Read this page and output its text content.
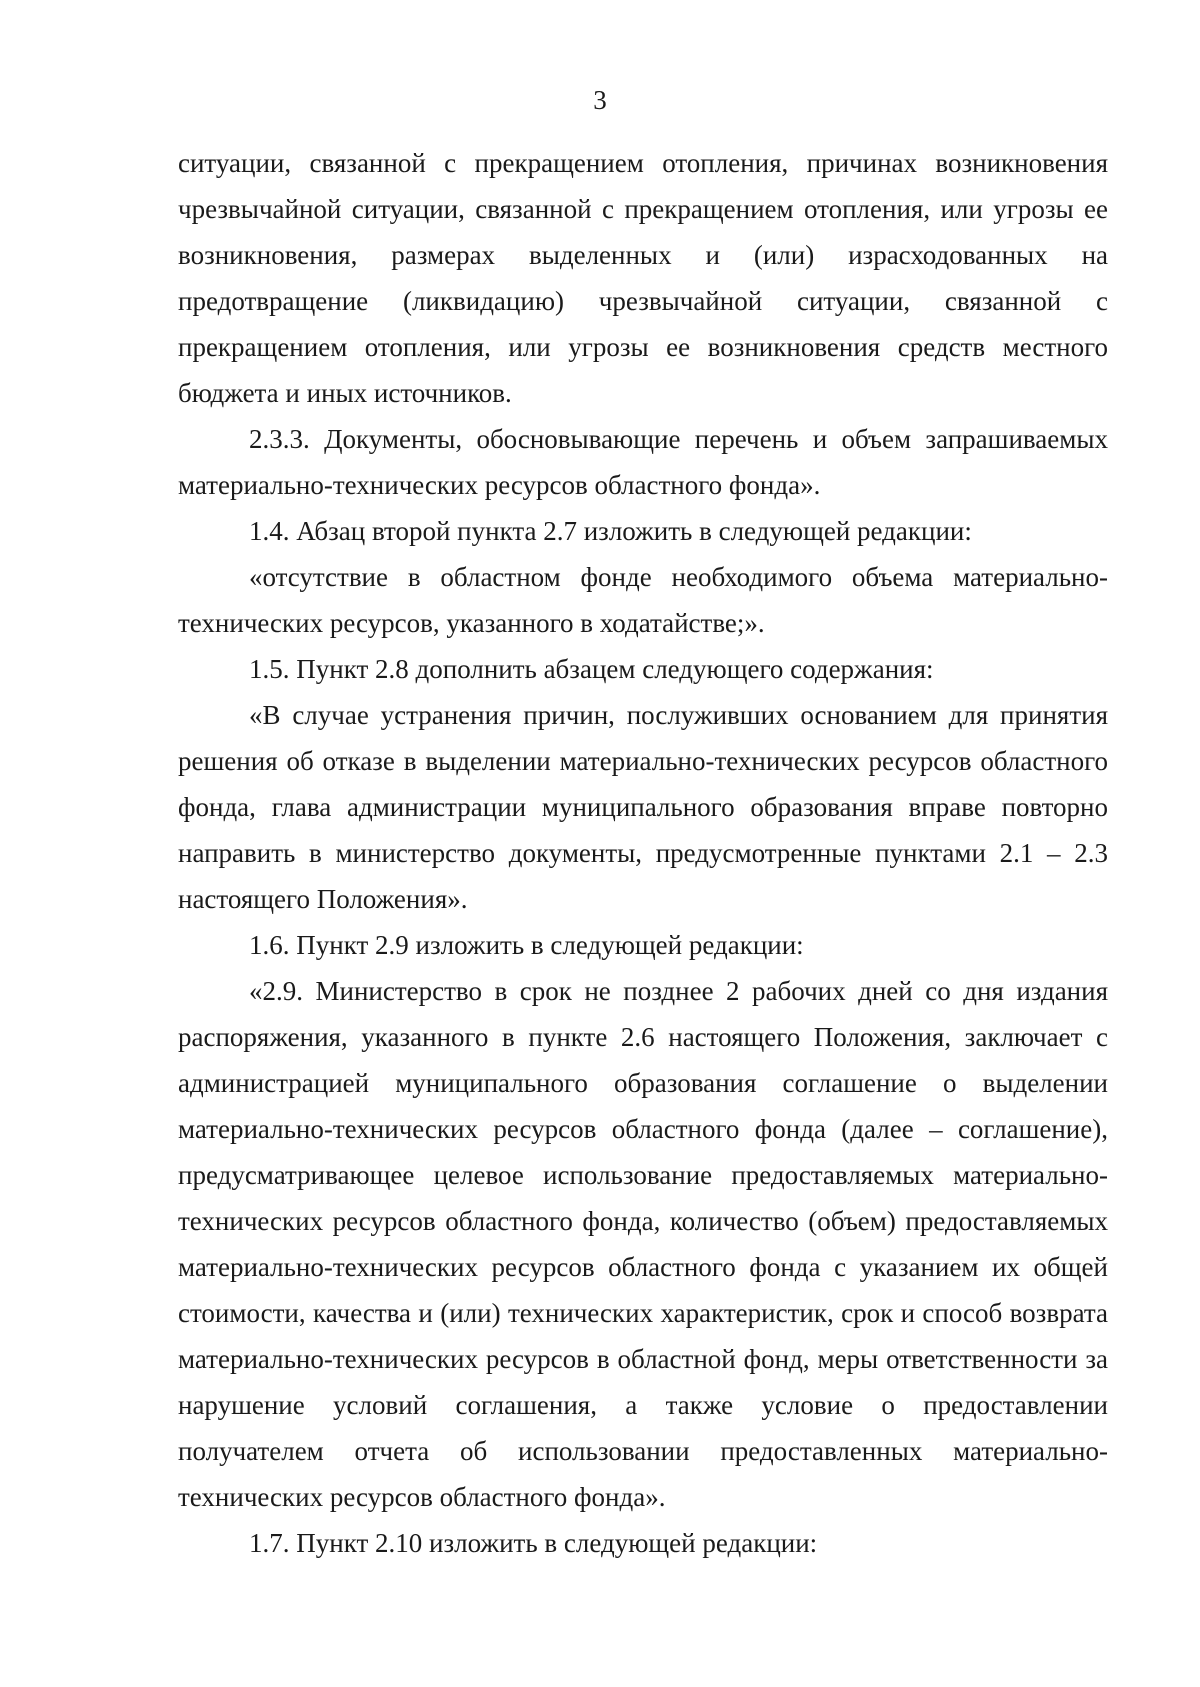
3

ситуации, связанной с прекращением отопления, причинах возникновения чрезвычайной ситуации, связанной с прекращением отопления, или угрозы ее возникновения, размерах выделенных и (или) израсходованных на предотвращение (ликвидацию) чрезвычайной ситуации, связанной с прекращением отопления, или угрозы ее возникновения средств местного бюджета и иных источников.

2.3.3. Документы, обосновывающие перечень и объем запрашиваемых материально-технических ресурсов областного фонда».

1.4. Абзац второй пункта 2.7 изложить в следующей редакции:

«отсутствие в областном фонде необходимого объема материально-технических ресурсов, указанного в ходатайстве;».

1.5. Пункт 2.8 дополнить абзацем следующего содержания:

«В случае устранения причин, послуживших основанием для принятия решения об отказе в выделении материально-технических ресурсов областного фонда, глава администрации муниципального образования вправе повторно направить в министерство документы, предусмотренные пунктами 2.1 – 2.3 настоящего Положения».

1.6. Пункт 2.9 изложить в следующей редакции:

«2.9. Министерство в срок не позднее 2 рабочих дней со дня издания распоряжения, указанного в пункте 2.6 настоящего Положения, заключает с администрацией муниципального образования соглашение о выделении материально-технических ресурсов областного фонда (далее – соглашение), предусматривающее целевое использование предоставляемых материально-технических ресурсов областного фонда, количество (объем) предоставляемых материально-технических ресурсов областного фонда с указанием их общей стоимости, качества и (или) технических характеристик, срок и способ возврата материально-технических ресурсов в областной фонд, меры ответственности за нарушение условий соглашения, а также условие о предоставлении получателем отчета об использовании предоставленных материально-технических ресурсов областного фонда».

1.7. Пункт 2.10 изложить в следующей редакции:
